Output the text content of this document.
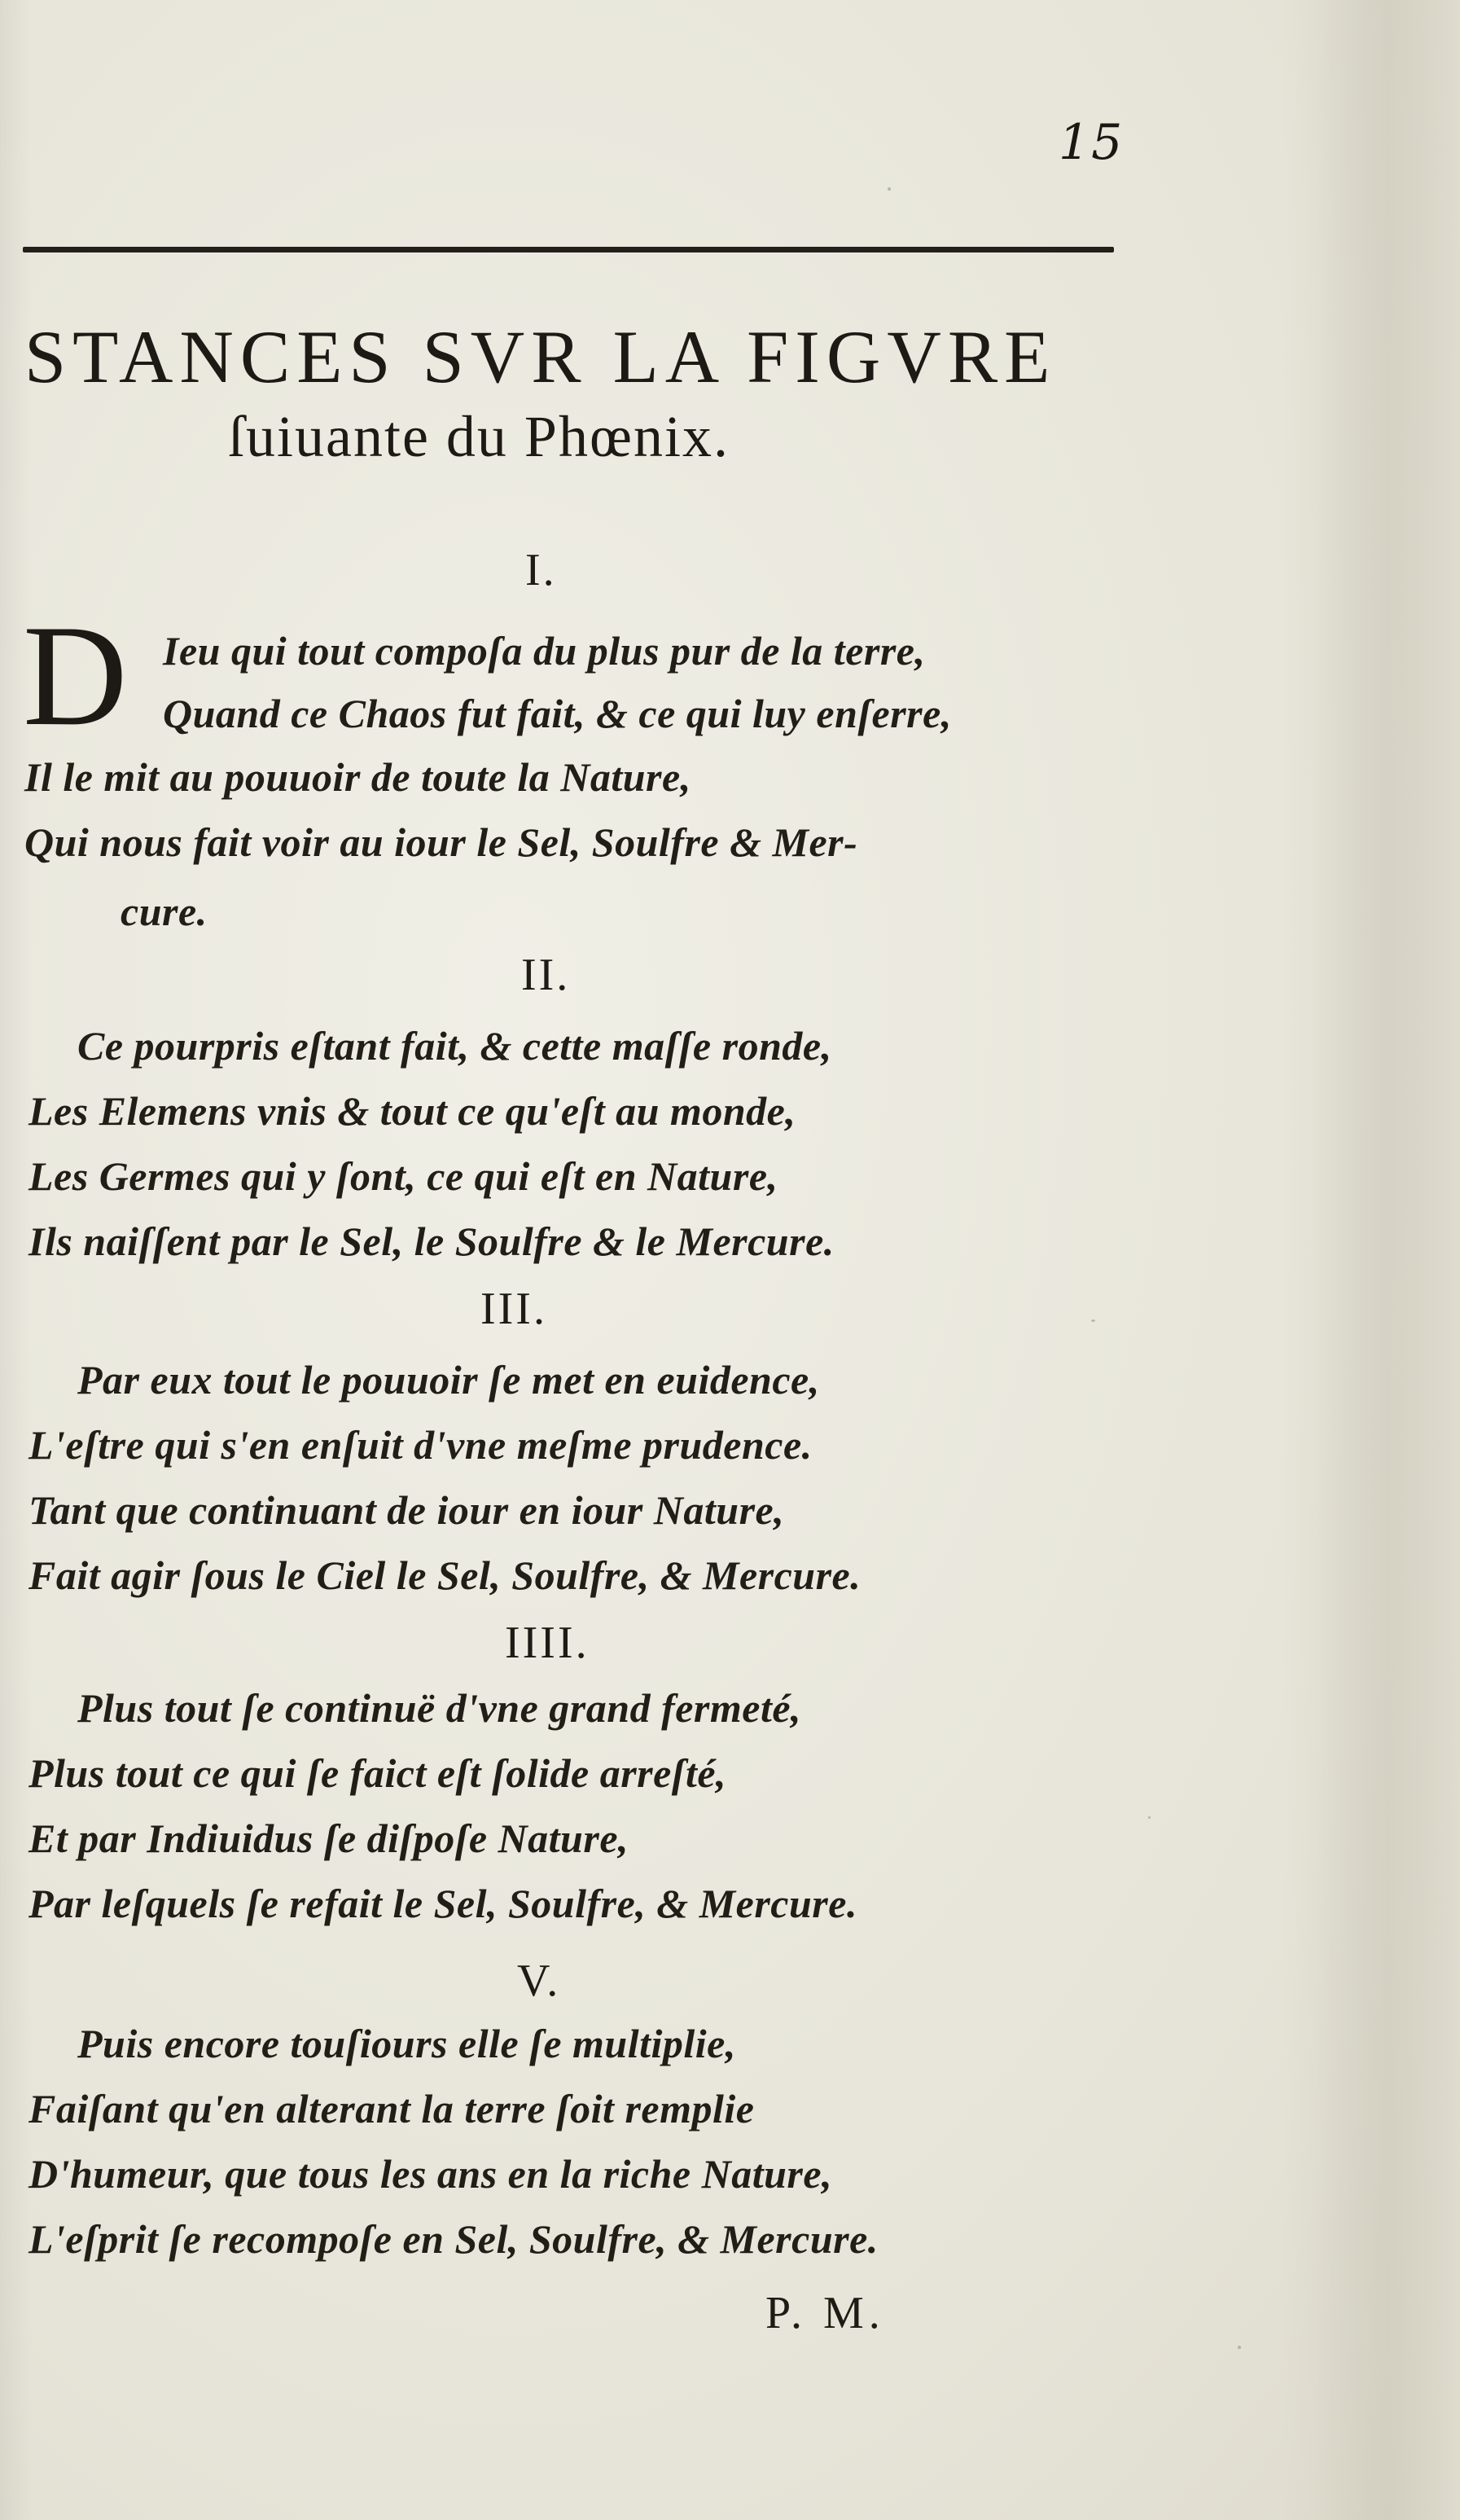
15
STANCES SVR LA FIGVRE
ſuiuante du Phœnix.
I.
D Ieu qui tout compoſa du plus pur de la terre,
Quand ce Chaos fut fait, & ce qui luy enſerre,
Il le mit au pouuoir de toute la Nature,
Qui nous fait voir au iour le Sel, Soulfre & Mer-
cure.
II.
Ce pourpris eſtant fait, & cette maſſe ronde,
Les Elemens vnis & tout ce qu'eſt au monde,
Les Germes qui y ſont, ce qui eſt en Nature,
Ils naiſſent par le Sel, le Soulfre & le Mercure.
III.
Par eux tout le pouuoir ſe met en euidence,
L'eſtre qui s'en enſuit d'vne meſme prudence.
Tant que continuant de iour en iour Nature,
Fait agir ſous le Ciel le Sel, Soulfre, & Mercure.
IIII.
Plus tout ſe continuë d'vne grand fermeté,
Plus tout ce qui ſe faict eſt ſolide arreſté,
Et par Indiuidus ſe diſpoſe Nature,
Par leſquels ſe refait le Sel, Soulfre, & Mercure.
V.
Puis encore touſiours elle ſe multiplie,
Faiſant qu'en alterant la terre ſoit remplie
D'humeur, que tous les ans en la riche Nature,
L'eſprit ſe recompoſe en Sel, Soulfre, & Mercure.
P. M.
